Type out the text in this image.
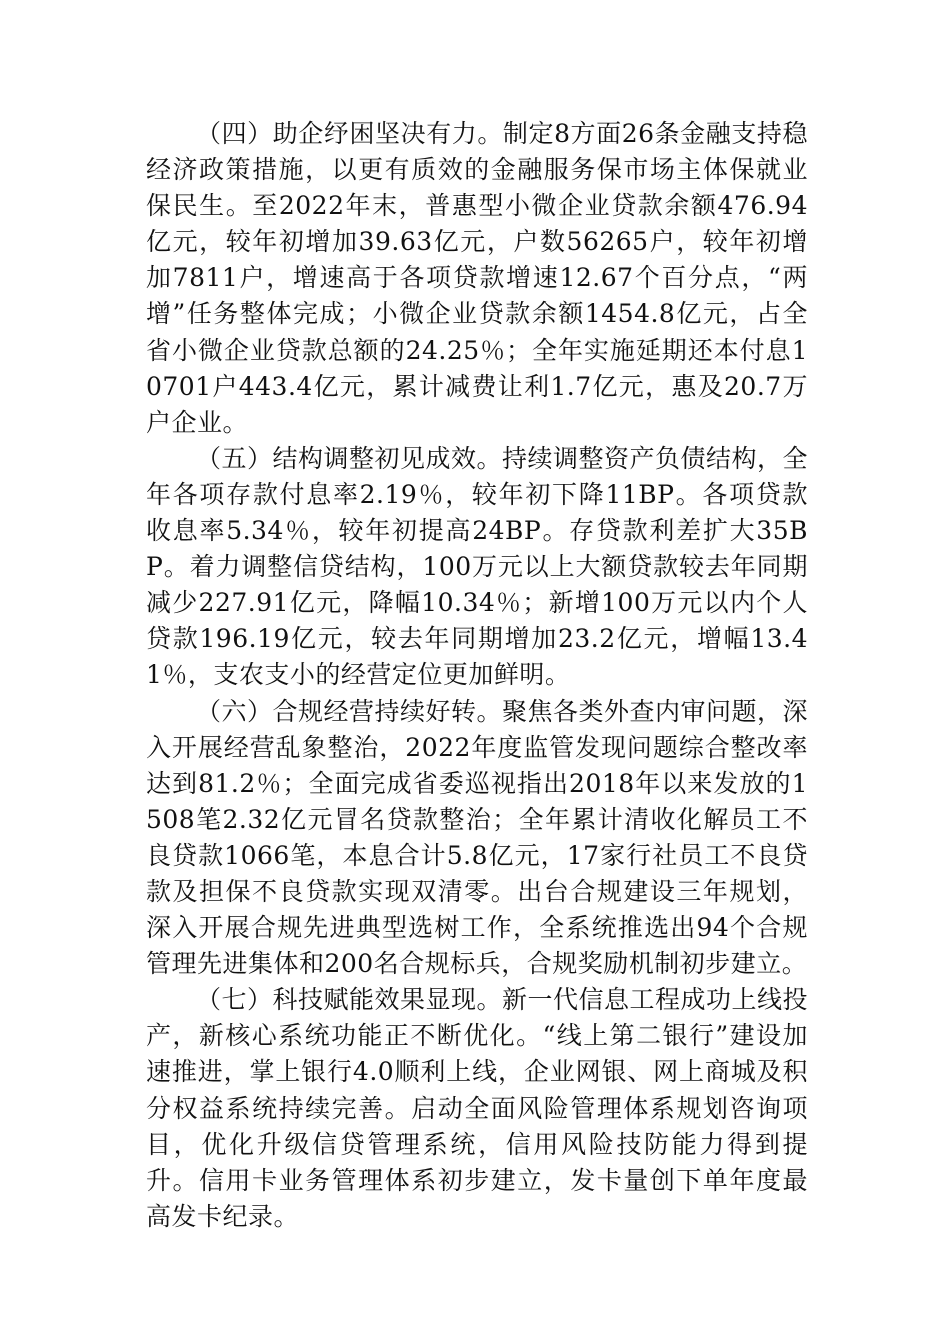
（四）助企纾困坚决有力。制定8方面26条金融支持稳经济政策措施，以更有质效的金融服务保市场主体保就业保民生。至2022年末，普惠型小微企业贷款余额476.94亿元，较年初增加39.63亿元，户数56265户，较年初增加7811户，增速高于各项贷款增速12.67个百分点，“两增”任务整体完成；小微企业贷款余额1454.8亿元，占全省小微企业贷款总额的24.25％；全年实施延期还本付息10701户443.4亿元，累计减费让利1.7亿元，惠及20.7万户企业。

（五）结构调整初见成效。持续调整资产负债结构，全年各项存款付息率2.19％，较年初下降11BP。各项贷款收息率5.34％，较年初提高24BP。存贷款利差扩大35BP。着力调整信贷结构，100万元以上大额贷款较去年同期减少227.91亿元，降幅10.34％；新增100万元以内个人贷款196.19亿元，较去年同期增加23.2亿元，增幅13.41％，支农支小的经营定位更加鲜明。

（六）合规经营持续好转。聚焦各类外查内审问题，深入开展经营乱象整治，2022年度监管发现问题综合整改率达到81.2％；全面完成省委巡视指出2018年以来发放的1508笔2.32亿元冒名贷款整治；全年累计清收化解员工不良贷款1066笔，本息合计5.8亿元，17家行社员工不良贷款及担保不良贷款实现双清零。出台合规建设三年规划，深入开展合规先进典型选树工作，全系统推选出94个合规管理先进集体和200名合规标兵，合规奖励机制初步建立。

（七）科技赋能效果显现。新一代信息工程成功上线投产，新核心系统功能正不断优化。“线上第二银行”建设加速推进，掌上银行4.0顺利上线，企业网银、网上商城及积分权益系统持续完善。启动全面风险管理体系规划咨询项目，优化升级信贷管理系统，信用风险技防能力得到提升。信用卡业务管理体系初步建立，发卡量创下单年度最高发卡纪录。
